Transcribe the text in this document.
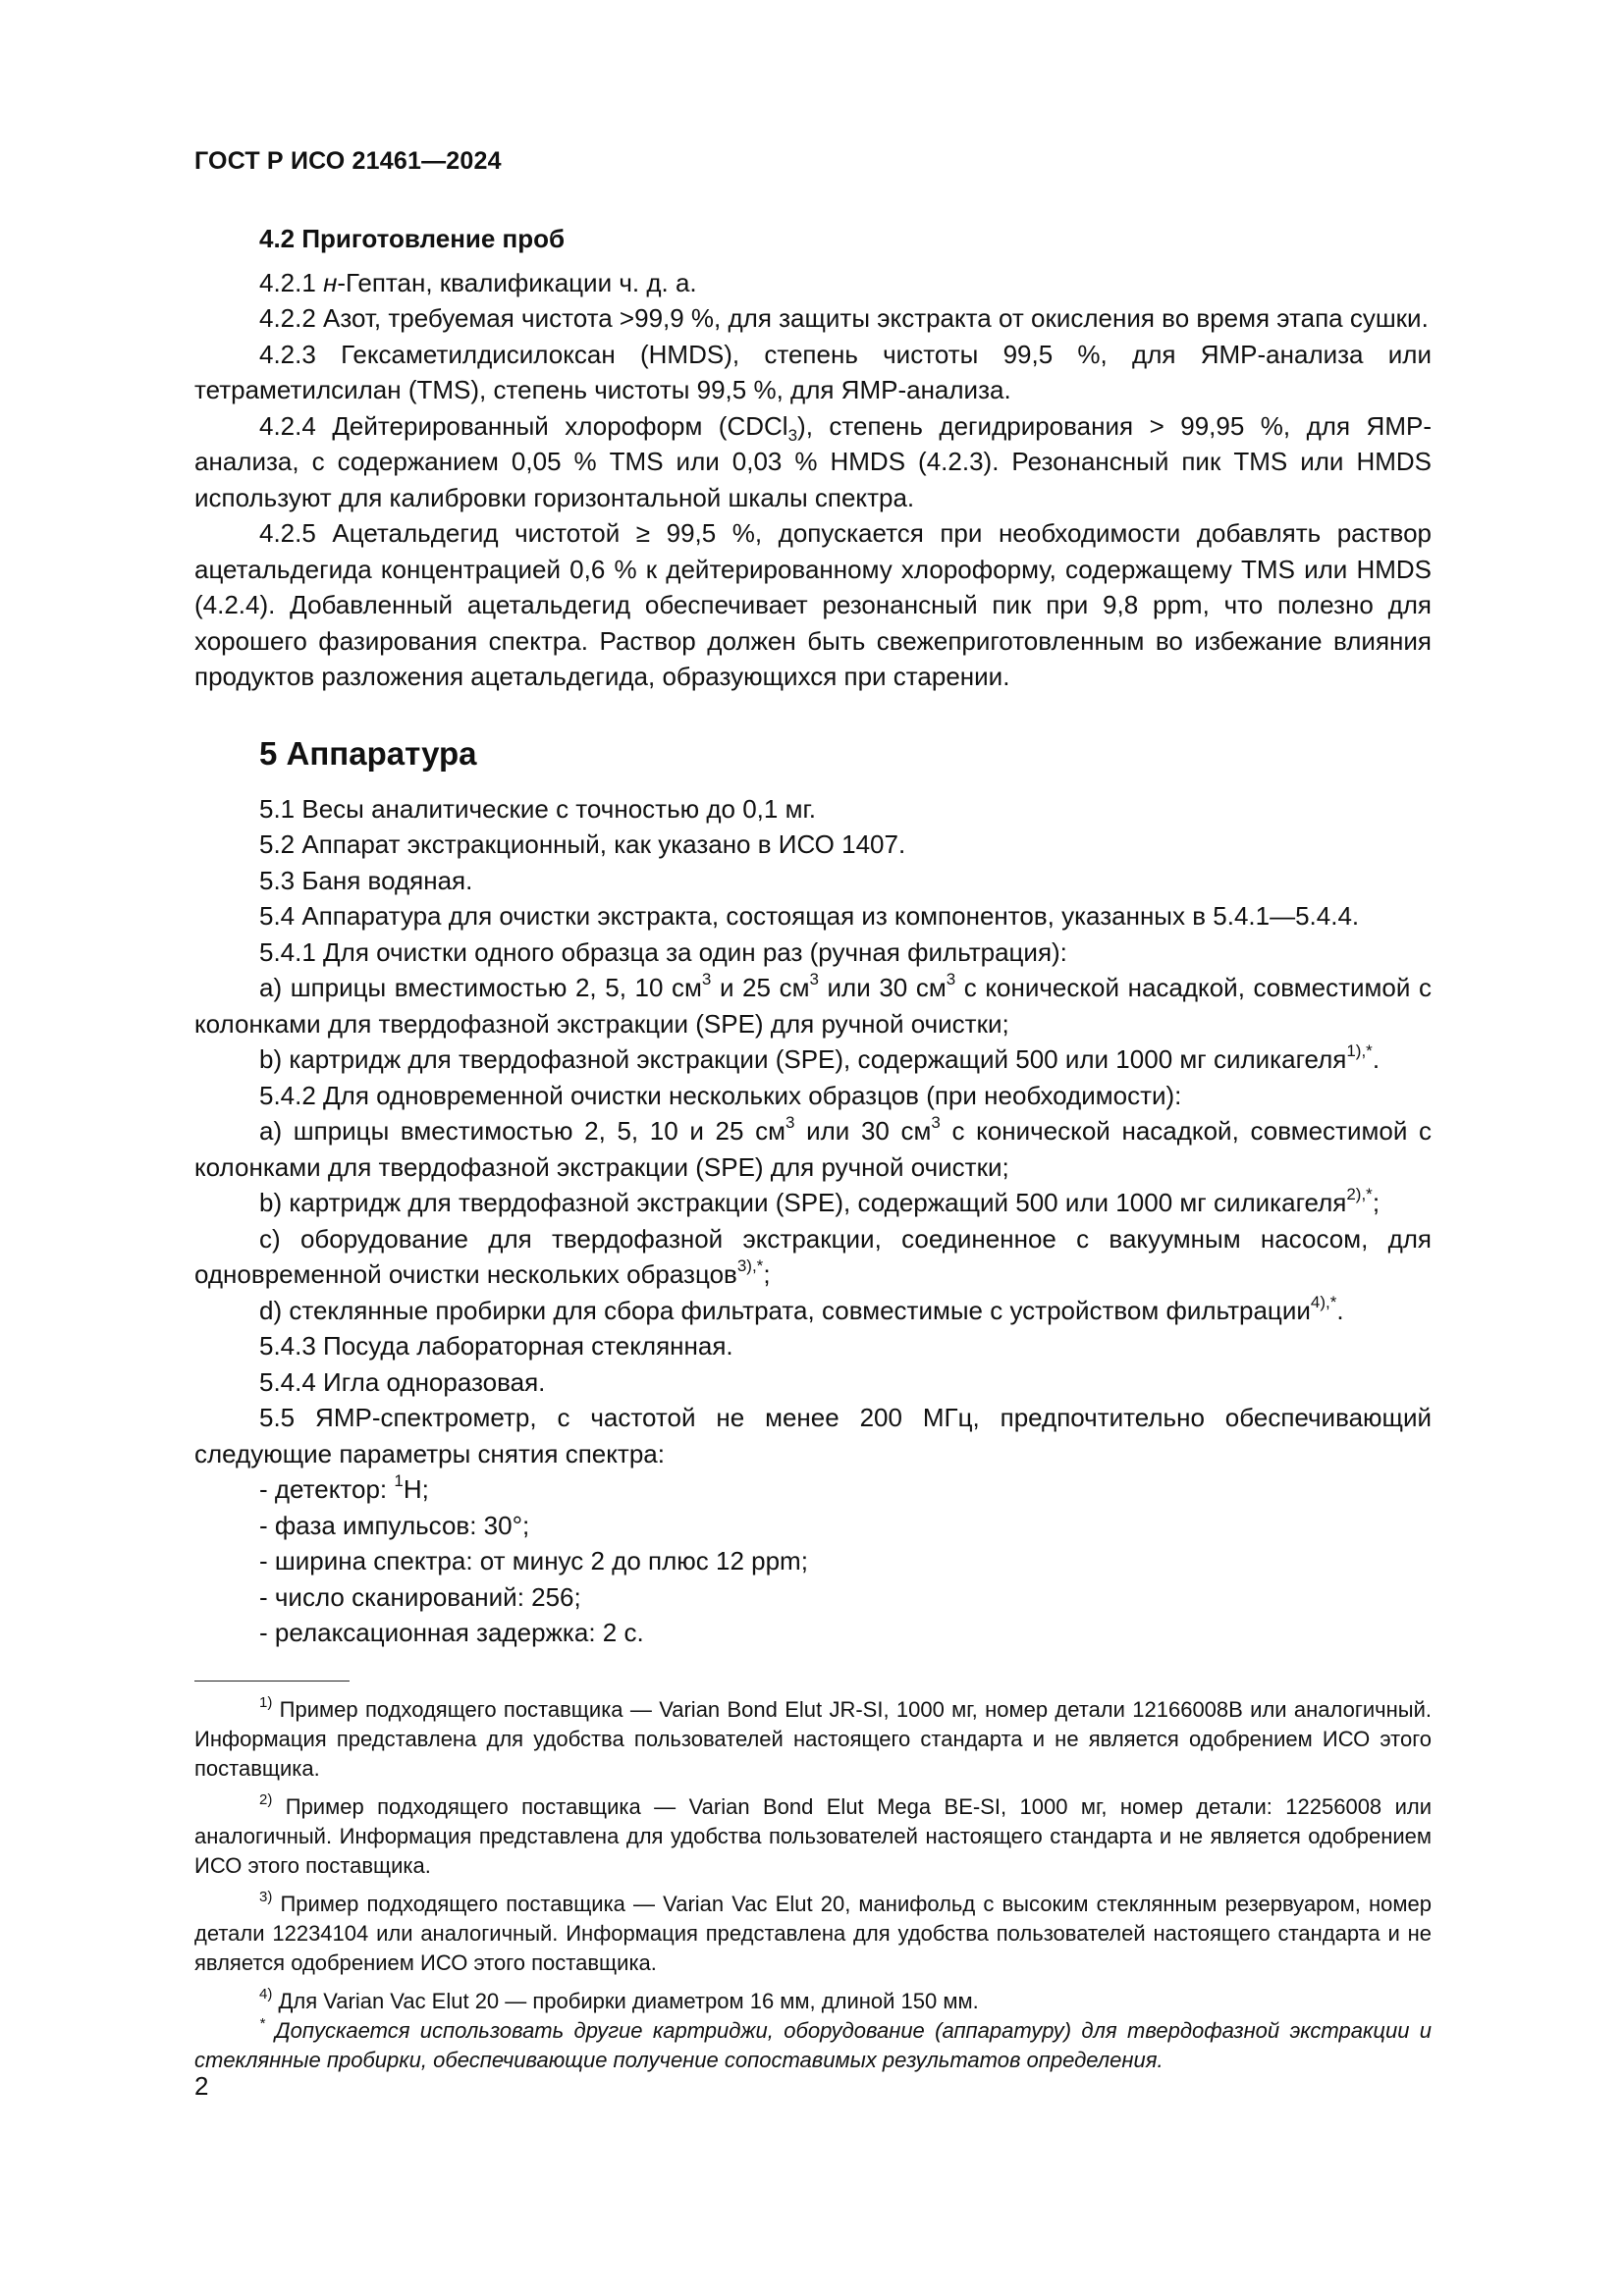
ГОСТ Р ИСО 21461—2024

4.2 Приготовление проб

4.2.1 н-Гептан, квалификации ч. д. а.

4.2.2 Азот, требуемая чистота >99,9 %, для защиты экстракта от окисления во время этапа сушки.

4.2.3 Гексаметилдисилоксан (HMDS), степень чистоты 99,5 %, для ЯМР-анализа или тетраметилсилан (TMS), степень чистоты 99,5 %, для ЯМР-анализа.

4.2.4 Дейтерированный хлороформ (CDCl$_3$), степень дегидрирования > 99,95 %, для ЯМР-анализа, с содержанием 0,05 % TMS или 0,03 % HMDS (4.2.3). Резонансный пик TMS или HMDS используют для калибровки горизонтальной шкалы спектра.

4.2.5 Ацетальдегид чистотой ≥ 99,5 %, допускается при необходимости добавлять раствор ацетальдегида концентрацией 0,6 % к дейтерированному хлороформу, содержащему TMS или HMDS (4.2.4). Добавленный ацетальдегид обеспечивает резонансный пик при 9,8 ppm, что полезно для хорошего фазирования спектра. Раствор должен быть свежеприготовленным во избежание влияния продуктов разложения ацетальдегида, образующихся при старении.

5 Аппаратура

5.1 Весы аналитические с точностью до 0,1 мг.

5.2 Аппарат экстракционный, как указано в ИСО 1407.

5.3 Баня водяная.

5.4 Аппаратура для очистки экстракта, состоящая из компонентов, указанных в 5.4.1—5.4.4.

5.4.1 Для очистки одного образца за один раз (ручная фильтрация):

a) шприцы вместимостью 2, 5, 10 $см^3$ и 25 $см^3$ или 30 $см^3$ с конической насадкой, совместимой с колонками для твердофазной экстракции (SPE) для ручной очистки;

b) картридж для твердофазной экстракции (SPE), содержащий 500 или 1000 мг силикагеля$^{1),*}$.

5.4.2 Для одновременной очистки нескольких образцов (при необходимости):

a) шприцы вместимостью 2, 5, 10 и 25 $см^3$ или 30 $см^3$ с конической насадкой, совместимой с колонками для твердофазной экстракции (SPE) для ручной очистки;

b) картридж для твердофазной экстракции (SPE), содержащий 500 или 1000 мг силикагеля$^{2),*}$;

c) оборудование для твердофазной экстракции, соединенное с вакуумным насосом, для одновременной очистки нескольких образцов$^{3),*}$;

d) стеклянные пробирки для сбора фильтрата, совместимые с устройством фильтрации$^{4),*}$.

5.4.3 Посуда лабораторная стеклянная.

5.4.4 Игла одноразовая.

5.5 ЯМР-спектрометр, с частотой не менее 200 МГц, предпочтительно обеспечивающий следующие параметры снятия спектра:

- детектор: $^1$H;

- фаза импульсов: 30°;

- ширина спектра: от минус 2 до плюс 12 ppm;

- число сканирований: 256;

- релаксационная задержка: 2 с.

$^{1)}$ Пример подходящего поставщика — Varian Bond Elut JR-SI, 1000 мг, номер детали 12166008B или аналогичный. Информация представлена для удобства пользователей настоящего стандарта и не является одобрением ИСО этого поставщика.

$^{2)}$ Пример подходящего поставщика — Varian Bond Elut Mega BE-SI, 1000 мг, номер детали: 12256008 или аналогичный. Информация представлена для удобства пользователей настоящего стандарта и не является одобрением ИСО этого поставщика.

$^{3)}$ Пример подходящего поставщика — Varian Vac Elut 20, манифольд с высоким стеклянным резервуаром, номер детали 12234104 или аналогичный. Информация представлена для удобства пользователей настоящего стандарта и не является одобрением ИСО этого поставщика.

$^{4)}$ Для Varian Vac Elut 20 — пробирки диаметром 16 мм, длиной 150 мм.

* Допускается использовать другие картриджи, оборудование (аппаратуру) для твердофазной экстракции и стеклянные пробирки, обеспечивающие получение сопоставимых результатов определения.

2
